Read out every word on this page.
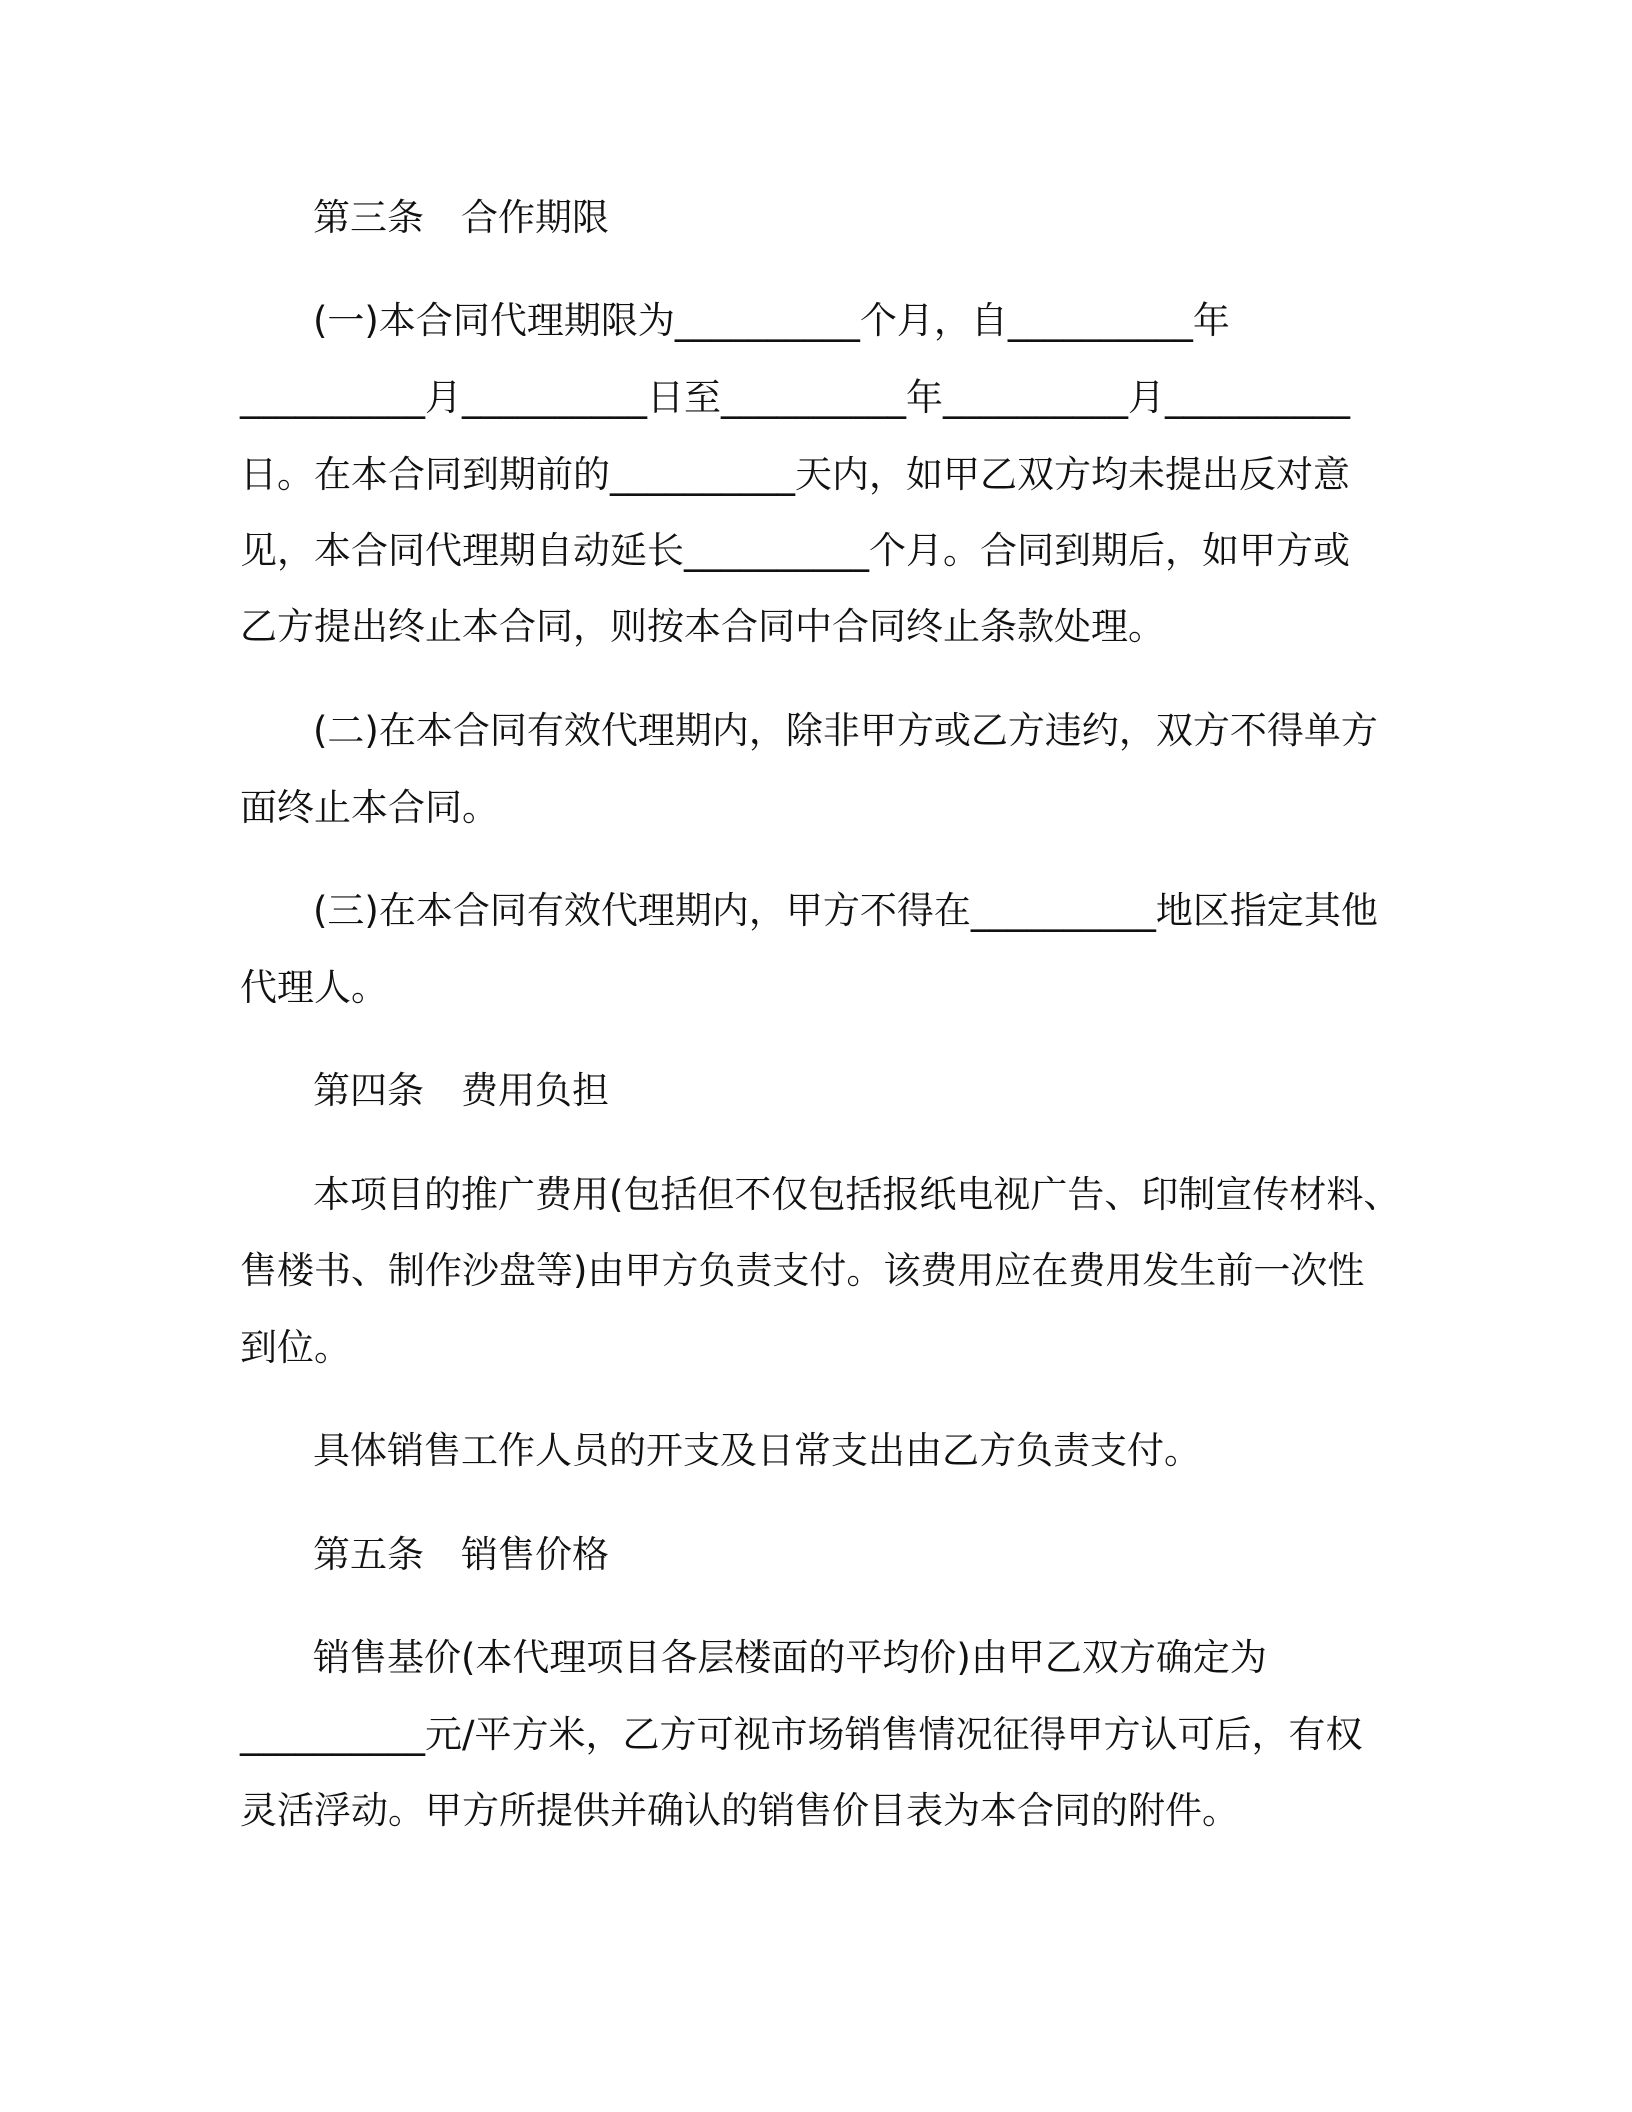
第三条　合作期限
(一)本合同代理期限为__________个月，自__________年
__________月__________日至__________年__________月__________
日。在本合同到期前的__________天内，如甲乙双方均未提出反对意
见，本合同代理期自动延长__________个月。合同到期后，如甲方或
乙方提出终止本合同，则按本合同中合同终止条款处理。
(二)在本合同有效代理期内，除非甲方或乙方违约，双方不得单方
面终止本合同。
(三)在本合同有效代理期内，甲方不得在__________地区指定其他
代理人。
第四条　费用负担
本项目的推广费用(包括但不仅包括报纸电视广告、印制宣传材料、
售楼书、制作沙盘等)由甲方负责支付。该费用应在费用发生前一次性
到位。
具体销售工作人员的开支及日常支出由乙方负责支付。
第五条　销售价格
销售基价(本代理项目各层楼面的平均价)由甲乙双方确定为
__________元/平方米，乙方可视市场销售情况征得甲方认可后，有权
灵活浮动。甲方所提供并确认的销售价目表为本合同的附件。
